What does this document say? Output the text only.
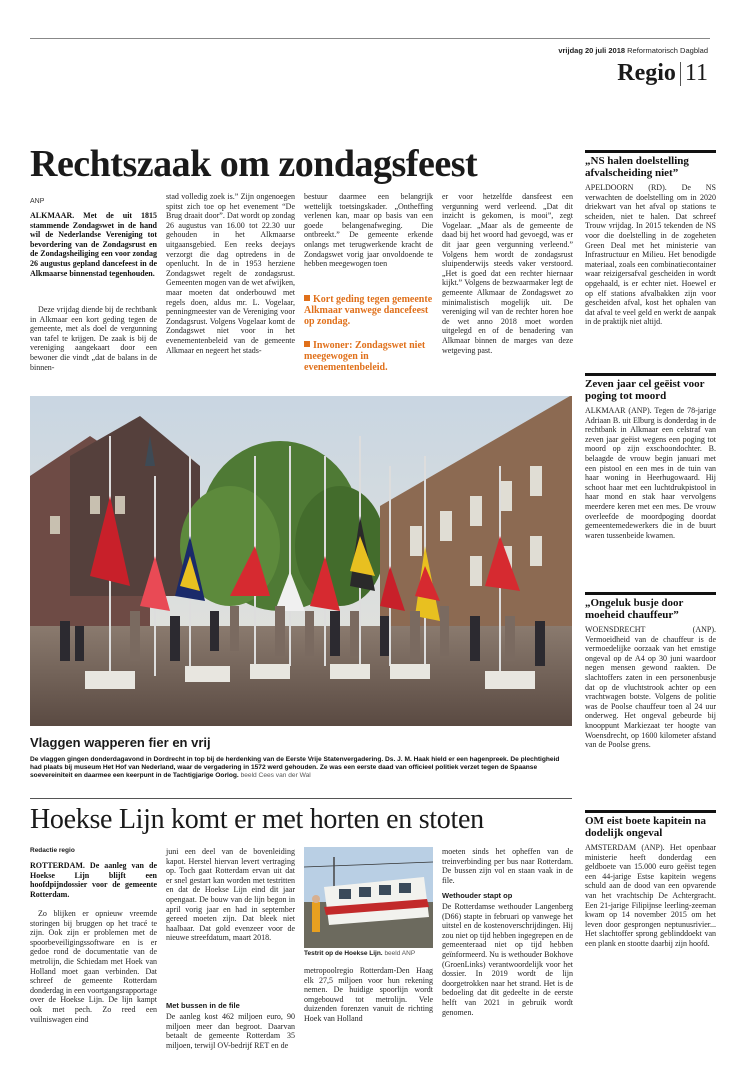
vrijdag 20 juli 2018 Reformatorisch Dagblad
Regio 11
Rechtszaak om zondagsfeest
ANP
ALKMAAR. Met de uit 1815 stammende Zondagswet in de hand wil de Nederlandse Vereniging tot bevordering van de Zondagsrust en de Zondagsheiliging een voor zondag 26 augustus gepland dancefeest in de Alkmaarse binnenstad tegenhouden.
Deze vrijdag diende bij de rechtbank in Alkmaar een kort geding tegen de gemeente, met als doel de vergunning van tafel te krijgen. De zaak is bij de vereniging aangekaart door een bewoner die vindt „dat de balans in de binnen-
stad volledig zoek is.” Zijn ongenoegen spitst zich toe op het evenement “De Brug draait door”. Dat wordt op zondag 26 augustus van 16.00 tot 22.30 uur gehouden in het Alkmaarse uitgaansgebied. Een reeks deejays verzorgt die dag optredens in de openlucht. In de in 1953 herziene Zondagswet regelt de zondagsrust. Gemeenten mogen van de wet afwijken, maar moeten dat onderbouwd met regels doen, aldus mr. L. Vogelaar, penningmeester van de Vereniging voor Zondagsrust. Volgens Vogelaar komt de Zondagswet niet voor in het evenementenbeleid van de gemeente Alkmaar en negeert het stads-
bestuur daarmee een belangrijk wettelijk toetsingskader. „Ontheffing verlenen kan, maar op basis van een goede belangenafweging. Die ontbreekt.” De gemeente erkende onlangs met terugwerkende kracht de Zondagswet vorig jaar onvoldoende te hebben meegewogen toen
Kort geding tegen gemeente Alkmaar vanwege dancefeest op zondag.
Inwoner: Zondagswet niet meegewogen in evenementenbeleid.
er voor hetzelfde dansfeest een vergunning werd verleend. „Dat dit inzicht is gekomen, is mooi”, zegt Vogelaar. „Maar als de gemeente de daad bij het woord had gevoegd, was er dit jaar geen vergunning verleend.” Volgens hem wordt de zondagsrust sluipenderwijs steeds vaker verstoord. „Het is goed dat een rechter hiernaar kijkt.” Volgens de bezwaarmaker legt de gemeente Alkmaar de Zondagswet zo minimalistisch mogelijk uit. De vereniging wil van de rechter horen hoe de wet anno 2018 moet worden uitgelegd en of de benadering van Alkmaar binnen de marges van deze wetgeving past.
Vlaggen wapperen fier en vrij
De vlaggen gingen donderdagavond in Dordrecht in top bij de herdenking van de Eerste Vrije Statenvergadering. Ds. J. M. Haak hield er een hagenpreek. De plechtigheid had plaats bij museum Het Hof van Nederland, waar de vergadering in 1572 werd gehouden. Ze was een eerste daad van officieel politiek verzet tegen de Spaanse soevereiniteit en daarmee een keerpunt in de Tachtigjarige Oorlog. beeld Cees van der Wal
Hoekse Lijn komt er met horten en stoten
Redactie regio
ROTTERDAM. De aanleg van de Hoekse Lijn blijft een hoofdpijndossier voor de gemeente Rotterdam.
Zo blijken er opnieuw vreemde storingen bij bruggen op het tracé te zijn. Ook zijn er problemen met de spoorbeveiligingssoftware en is er gedoe rond de documentatie van de metrolijn, die Schiedam met Hoek van Holland moet gaan verbinden. Dat schreef de gemeente Rotterdam donderdag in een voortgangsrapportage over de Hoekse Lijn. De lijn kampt ook met pech. Zo reed een vuilniswagen eind
juni een deel van de bovenleiding kapot. Herstel hiervan levert vertraging op. Toch gaat Rotterdam ervan uit dat er snel gestart kan worden met testritten en dat de Hoekse Lijn eind dit jaar opengaat. De bouw van de lijn begon in april vorig jaar en had in september gereed moeten zijn. Dat bleek niet haalbaar. Dat gold evenzeer voor de nieuwe streefdatum, maart 2018.
Met bussen in de file
De aanleg kost 462 miljoen euro, 90 miljoen meer dan begroot. Daarvan betaalt de gemeente Rotterdam 35 miljoen, terwijl OV-bedrijf RET en de
Testrit op de Hoekse Lijn. beeld ANP
metropoolregio Rotterdam-Den Haag elk 27,5 miljoen voor hun rekening nemen. De huidige spoorlijn wordt omgebouwd tot metrolijn. Vele duizenden forenzen vanuit de richting Hoek van Holland
moeten sinds het opheffen van de treinverbinding per bus naar Rotterdam. De bussen zijn vol en staan vaak in de file.
Wethouder stapt op
De Rotterdamse wethouder Langenberg (D66) stapte in februari op vanwege het uitstel en de kostenoverschrijdingen. Hij zou niet op tijd hebben ingegrepen en de gemeenteraad niet op tijd hebben geïnformeerd. Nu is wethouder Bokhove (GroenLinks) verantwoordelijk voor het dossier. In 2019 wordt de lijn doorgetrokken naar het strand. Het is de bedoeling dat dit gedeelte in de eerste helft van 2021 in gebruik wordt genomen.
„NS halen doelstelling afvalscheiding niet”
APELDOORN (RD). De NS verwachten de doelstelling om in 2020 driekwart van het afval op stations te scheiden, niet te halen. Dat schreef Trouw vrijdag. In 2015 tekenden de NS voor die doelstelling in de zogeheten Green Deal met het ministerie van Infrastructuur en Milieu. Het benodigde materiaal, zoals een combinatiecontainer waar reizigersafval gescheiden in wordt opgehaald, is er echter niet. Hoewel er op elf stations afvalbakken zijn voor gescheiden afval, kost het ophalen van dat afval te veel geld en werkt de aanpak in de praktijk niet altijd.
Zeven jaar cel geëist voor poging tot moord
ALKMAAR (ANP). Tegen de 78-jarige Adriaan B. uit Elburg is donderdag in de rechtbank in Alkmaar een celstraf van zeven jaar geëist wegens een poging tot moord op zijn exschoondochter. B. belaagde de vrouw begin januari met een pistool en een mes in de tuin van haar woning in Heerhugowaard. Hij schoot haar met een luchtdrukpistool in haar mond en stak haar vervolgens meerdere keren met een mes. De vrouw overleefde de moordpoging doordat gemeentemedewerkers die in de buurt waren tussenbeide kwamen.
„Ongeluk busje door moeheid chauffeur”
WOENSDRECHT (ANP). Vermoeidheid van de chauffeur is de vermoedelijke oorzaak van het ernstige ongeval op de A4 op 30 juni waardoor negen mensen gewond raakten. De slachtoffers zaten in een personenbusje dat op de vluchtstrook achter op een vrachtwagen botste. Volgens de politie was de Poolse chauffeur toen al 24 uur onderweg. Het ongeval gebeurde bij knooppunt Markiezaat ter hoogte van Woensdrecht, op 1600 kilometer afstand van de Poolse grens.
OM eist boete kapitein na dodelijk ongeval
AMSTERDAM (ANP). Het openbaar ministerie heeft donderdag een geldboete van 15.000 euro geëist tegen een 44-jarige Estse kapitein wegens schuld aan de dood van een opvarende van het vrachtschip De Achtergracht. Een 21-jarige Filipijnse leerling-zeeman kwam op 14 november 2015 om het leven door gesprongen neptunusrivier... Het slachtoffer sprong geblinddoekt van een plank en stootte daarbij zijn hoofd.
